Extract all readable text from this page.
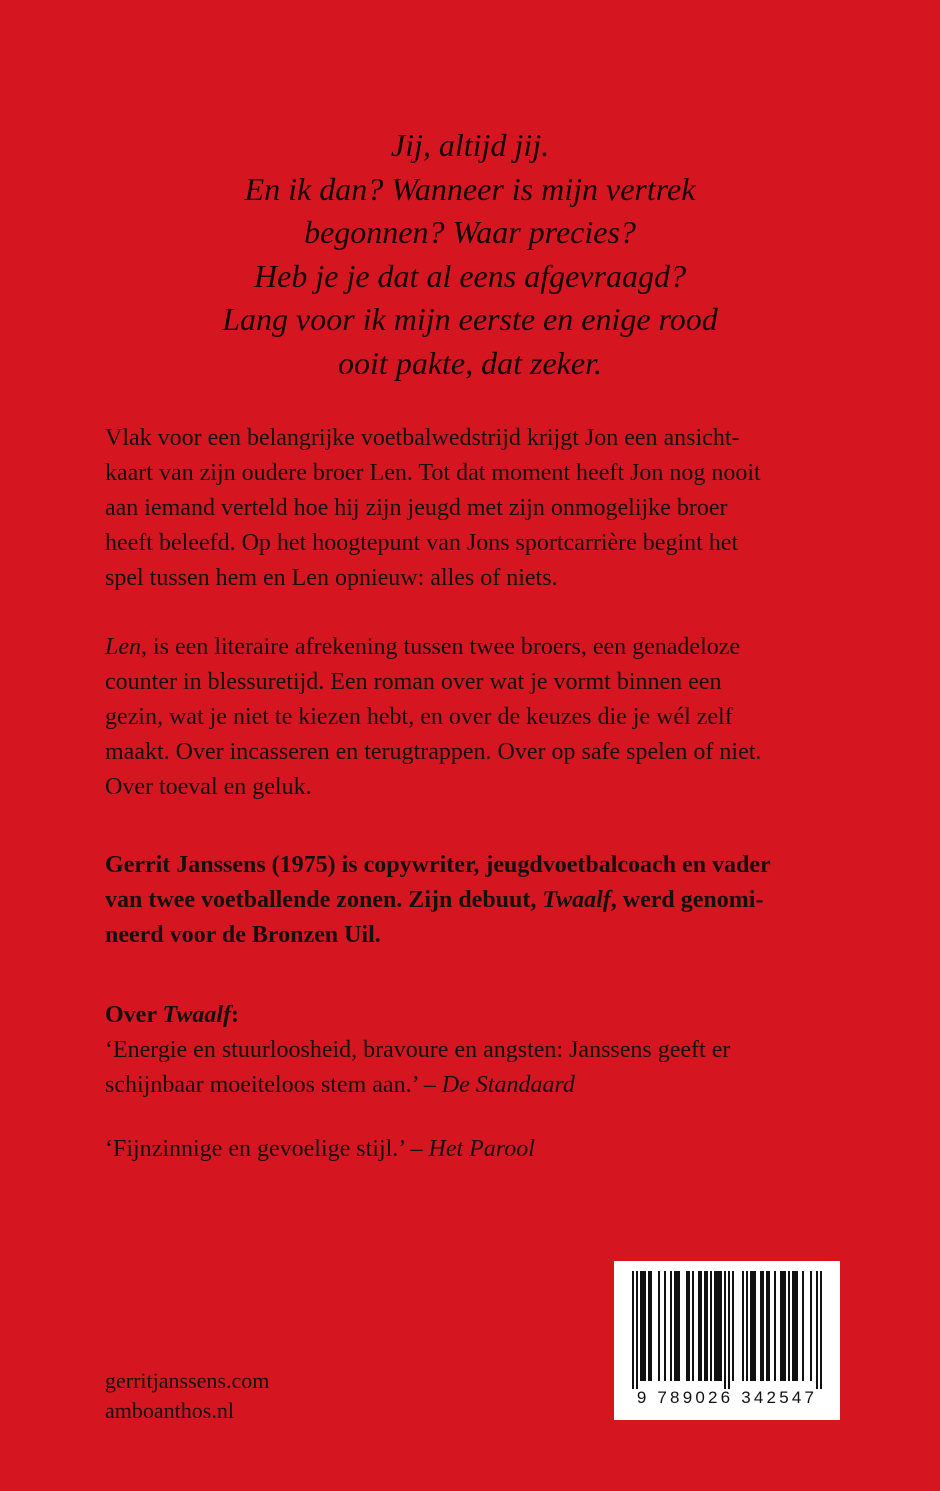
Jij, altijd jij.
En ik dan? Wanneer is mijn vertrek
begonnen? Waar precies?
Heb je je dat al eens afgevraagd?
Lang voor ik mijn eerste en enige rood
ooit pakte, dat zeker.
Vlak voor een belangrijke voetbalwedstrijd krijgt Jon een ansicht-
kaart van zijn oudere broer Len. Tot dat moment heeft Jon nog nooit
aan iemand verteld hoe hij zijn jeugd met zijn onmogelijke broer
heeft beleefd. Op het hoogtepunt van Jons sportcarrière begint het
spel tussen hem en Len opnieuw: alles of niets.
Len, is een literaire afrekening tussen twee broers, een genadeloze
counter in blessuretijd. Een roman over wat je vormt binnen een
gezin, wat je niet te kiezen hebt, en over de keuzes die je wél zelf
maakt. Over incasseren en terugtrappen. Over op safe spelen of niet.
Over toeval en geluk.
Gerrit Janssens (1975) is copywriter, jeugdvoetbalcoach en vader
van twee voetballende zonen. Zijn debuut, Twaalf, werd genomi-
neerd voor de Bronzen Uil.
Over Twaalf:
‘Energie en stuurloosheid, bravoure en angsten: Janssens geeft er
schijnbaar moeiteloos stem aan.’ – De Standaard
‘Fijnzinnige en gevoelige stijl.’ – Het Parool
gerritjanssens.com
amboanthos.nl
9 789026 342547
